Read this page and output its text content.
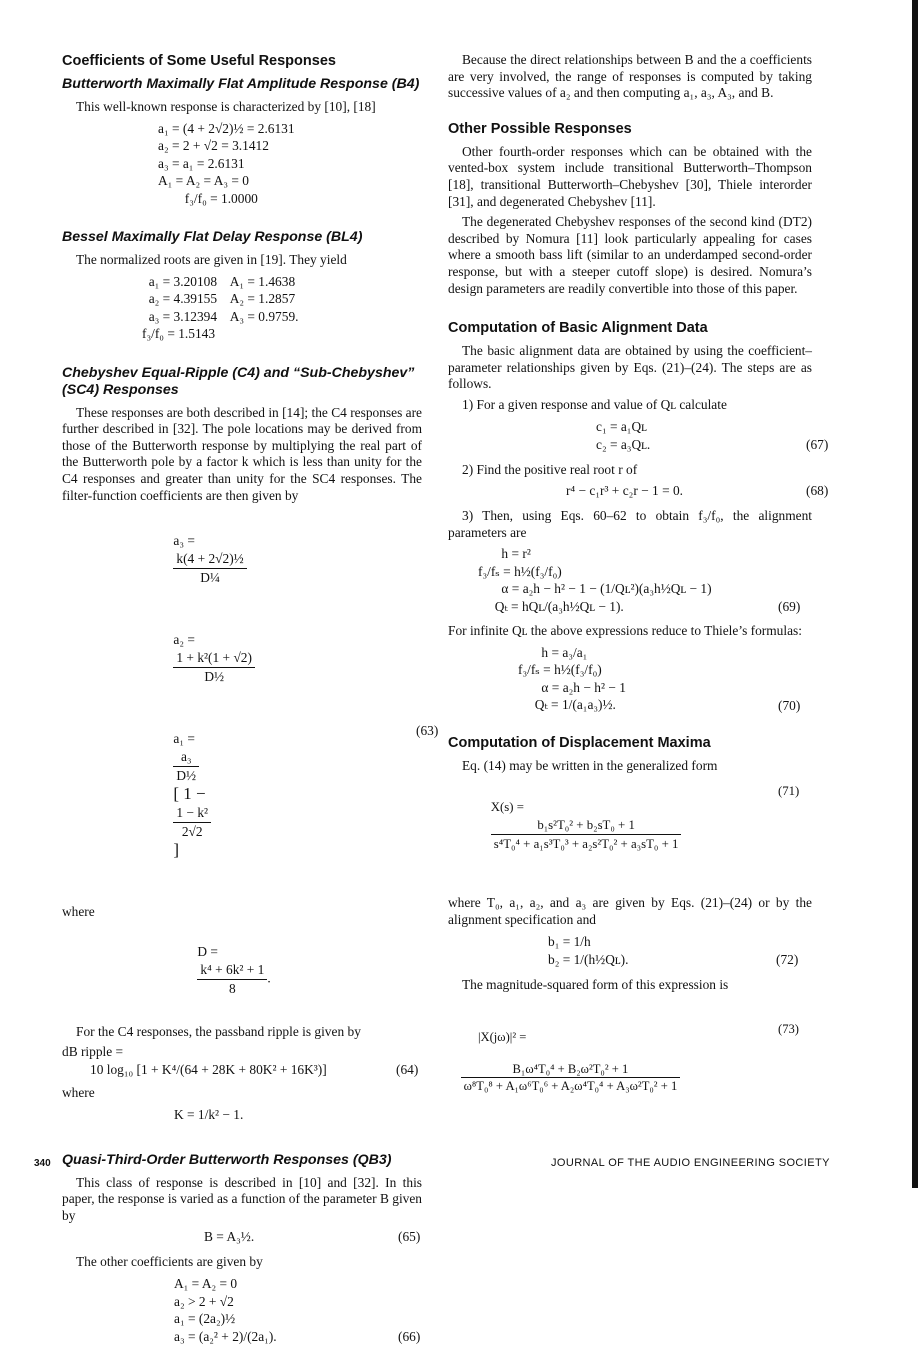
Coefficients of Some Useful Responses
Butterworth Maximally Flat Amplitude Response (B4)

This well-known response is characterized by [10], [18]

a₁ = (4 + 2√2)½ = 2.6131
a₂ = 2 + √2 = 3.1412
a₃ = a₁ = 2.6131
A₁ = A₂ = A₃ = 0
f₃/f₀ = 1.0000
Bessel Maximally Flat Delay Response (BL4)

The normalized roots are given in [19]. They yield

a₁ = 3.20108    A₁ = 1.4638
a₂ = 4.39155    A₂ = 1.2857
a₃ = 3.12394    A₃ = 0.9759.
f₃/f₀ = 1.5143
Chebyshev Equal-Ripple (C4) and “Sub-Chebyshev” (SC4) Responses

These responses are both described in [14]; the C4 responses are further described in [32]. The pole locations may be derived from those of the Butterworth response by multiplying the real part of the Butterworth pole by a factor k which is less than unity for the C4 responses and greater than unity for the SC4 responses. The filter-function coefficients are then given by

a₃ =

$\frac{\text{k(4 + 2√2)½}}{\text{D¼}}$

a₂ =

$\frac{\text{1 + k²(1 + √2)}}{\text{D½}}$

a₁ =

$\frac{\text{a₃}}{\text{D½}}$

[ 1 −

$\frac{\text{1 − k²}}{2√2}$

]

(63)

where

D =

$\frac{\text{k⁴ + 6k² + 1}}{8}$ .

For the C4 responses, the passband ripple is given by

dB ripple =

10 log₁₀ [1 + K⁴/(64 + 28K + 80K² + 16K³)]	(64)

where

K = 1/k² − 1.
Quasi-Third-Order Butterworth Responses (QB3)

This class of response is described in [10] and [32]. In this paper, the response is varied as a function of the parameter B given by

B = A₃½.	(65)

The other coefficients are given by

A₁ = A₂ = 0
a₂ > 2 + √2
a₁ = (2a₂)½
a₃ = (a₂² + 2)/(2a₁).	(66)

Because the direct relationships between B and the a coefficients are very involved, the range of responses is computed by taking successive values of a₂ and then computing a₁, a₃, A₃, and B.

Other Possible Responses

Other fourth-order responses which can be obtained with the vented-box system include transitional Butterworth–Thompson [18], transitional Butterworth–Chebyshev [30], Thiele interorder [31], and degenerated Chebyshev [11].

The degenerated Chebyshev responses of the second kind (DT2) described by Nomura [11] look particularly appealing for cases where a smooth bass lift (similar to an underdamped second-order response, but with a steeper cutoff slope) is desired. Nomura’s design parameters are readily convertible into those of this paper.

Computation of Basic Alignment Data

The basic alignment data are obtained by using the coefficient–parameter relationships given by Eqs. (21)–(24). The steps are as follows.

1) For a given response and value of Qʟ calculate

c₁ = a₁Qʟ
c₂ = a₃Qʟ.	(67)

2) Find the positive real root r of

r⁴ − c₁r³ + c₂r − 1 = 0.	(68)

3) Then, using Eqs. 60–62 to obtain f₃/f₀, the alignment parameters are

h = r²
f₃/fₛ = h½(f₃/f₀)
α = a₂h − h² − 1 − (1/Qʟ²)(a₃h½Qʟ − 1)
Qₜ = hQʟ/(a₃h½Qʟ − 1).	(69)

For infinite Qʟ the above expressions reduce to Thiele’s formulas:

h = a₃/a₁
f₃/fₛ = h½(f₃/f₀)
α = a₂h − h² − 1
Qₜ = 1/(a₁a₃)½.	(70)
Computation of Displacement Maxima

Eq. (14) may be written in the generalized form

X(s) =

$\frac{\text{b₁s²T₀² + b₂sT₀ + 1}}{\text{s⁴T₀⁴ + a₁s³T₀³ + a₂s²T₀² + a₃sT₀ + 1}}$

(71)

where T₀, a₁, a₂, and a₃ are given by Eqs. (21)–(24) or by the alignment specification and

b₁ = 1/h
b₂ = 1/(h½Qʟ).	(72)

The magnitude-squared form of this expression is

|X(jω)|² =

$\frac{\text{B₁ω⁴T₀⁴ + B₂ω²T₀² + 1}}{\text{ω⁸T₀⁸ + A₁ω⁶T₀⁶ + A₂ω⁴T₀⁴ + A₃ω²T₀² + 1}}$

(73)

340	JOURNAL OF THE AUDIO ENGINEERING SOCIETY
